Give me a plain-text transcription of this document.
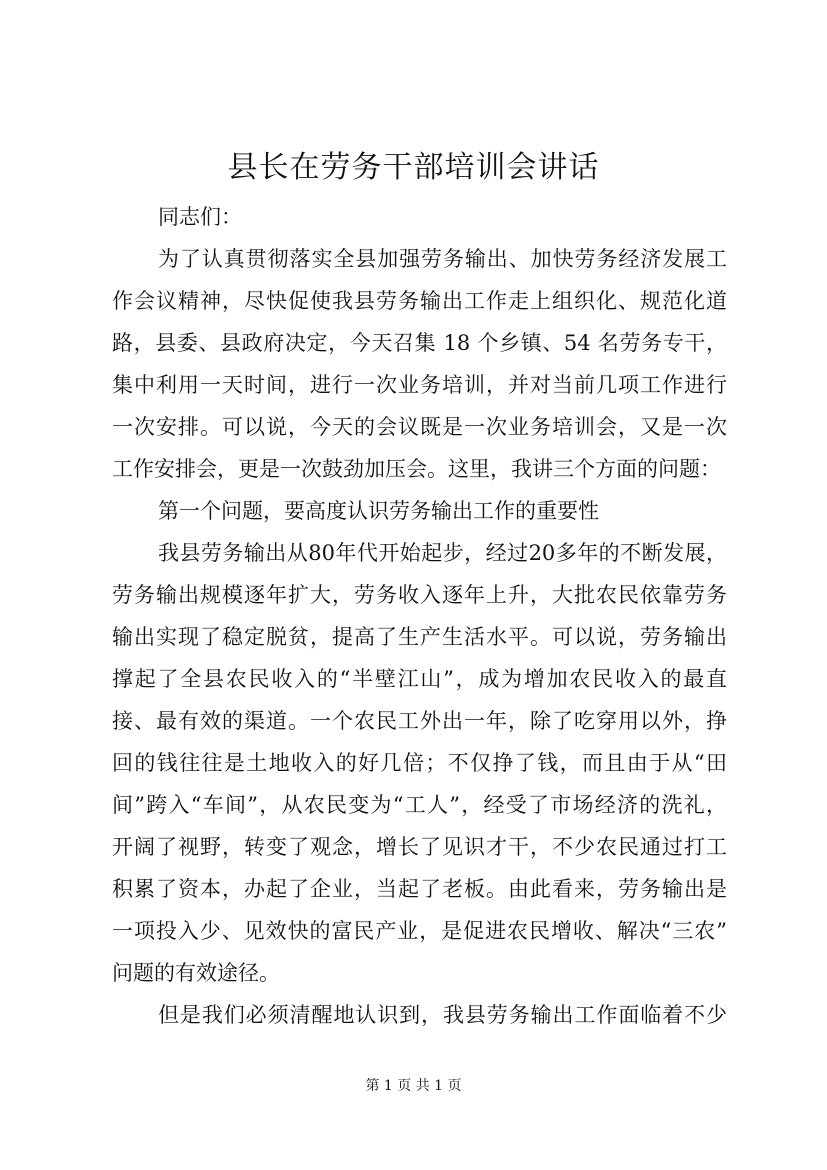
县长在劳务干部培训会讲话
同志们：
为了认真贯彻落实全县加强劳务输出、加快劳务经济发展工
作会议精神，尽快促使我县劳务输出工作走上组织化、规范化道
路，县委、县政府决定，今天召集 18 个乡镇、54 名劳务专干，
集中利用一天时间，进行一次业务培训，并对当前几项工作进行
一次安排。可以说，今天的会议既是一次业务培训会，又是一次
工作安排会，更是一次鼓劲加压会。这里，我讲三个方面的问题：
第一个问题，要高度认识劳务输出工作的重要性
我县劳务输出从80年代开始起步，经过20多年的不断发展，
劳务输出规模逐年扩大，劳务收入逐年上升，大批农民依靠劳务
输出实现了稳定脱贫，提高了生产生活水平。可以说，劳务输出
撑起了全县农民收入的“半壁江山”，成为增加农民收入的最直
接、最有效的渠道。一个农民工外出一年，除了吃穿用以外，挣
回的钱往往是土地收入的好几倍；不仅挣了钱，而且由于从“田
间”跨入“车间”，从农民变为“工人”，经受了市场经济的洗礼，
开阔了视野，转变了观念，增长了见识才干，不少农民通过打工
积累了资本，办起了企业，当起了老板。由此看来，劳务输出是
一项投入少、见效快的富民产业，是促进农民增收、解决“三农”
问题的有效途径。
但是我们必须清醒地认识到，我县劳务输出工作面临着不少
第 1 页 共 1 页
